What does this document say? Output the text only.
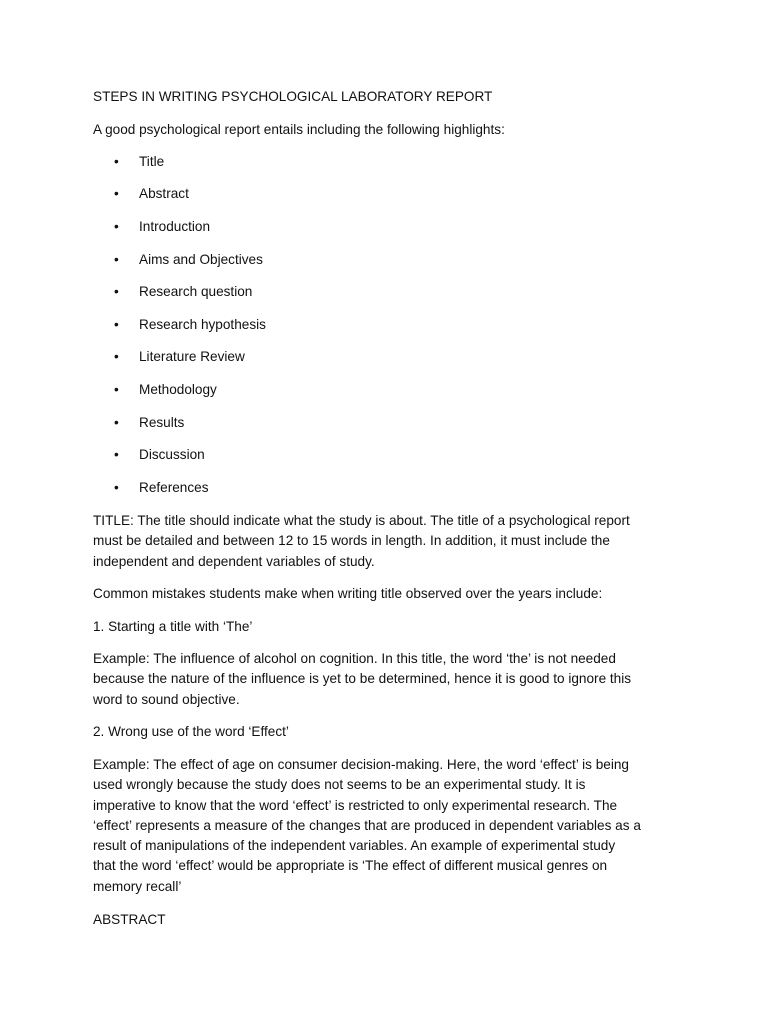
STEPS IN WRITING PSYCHOLOGICAL LABORATORY REPORT
A good psychological report entails including the following highlights:
• Title
• Abstract
• Introduction
• Aims and Objectives
• Research question
• Research hypothesis
• Literature Review
• Methodology
• Results
• Discussion
• References
TITLE: The title should indicate what the study is about. The title of a psychological report
must be detailed and between 12 to 15 words in length. In addition, it must include the
independent and dependent variables of study.
Common mistakes students make when writing title observed over the years include:
1. Starting a title with ‘The’
Example: The influence of alcohol on cognition. In this title, the word ‘the’ is not needed
because the nature of the influence is yet to be determined, hence it is good to ignore this
word to sound objective.
2. Wrong use of the word ‘Effect’
Example: The effect of age on consumer decision-making. Here, the word ‘effect’ is being
used wrongly because the study does not seems to be an experimental study. It is
imperative to know that the word ‘effect’ is restricted to only experimental research. The
‘effect’ represents a measure of the changes that are produced in dependent variables as a
result of manipulations of the independent variables. An example of experimental study
that the word ‘effect’ would be appropriate is ‘The effect of different musical genres on
memory recall’
ABSTRACT
